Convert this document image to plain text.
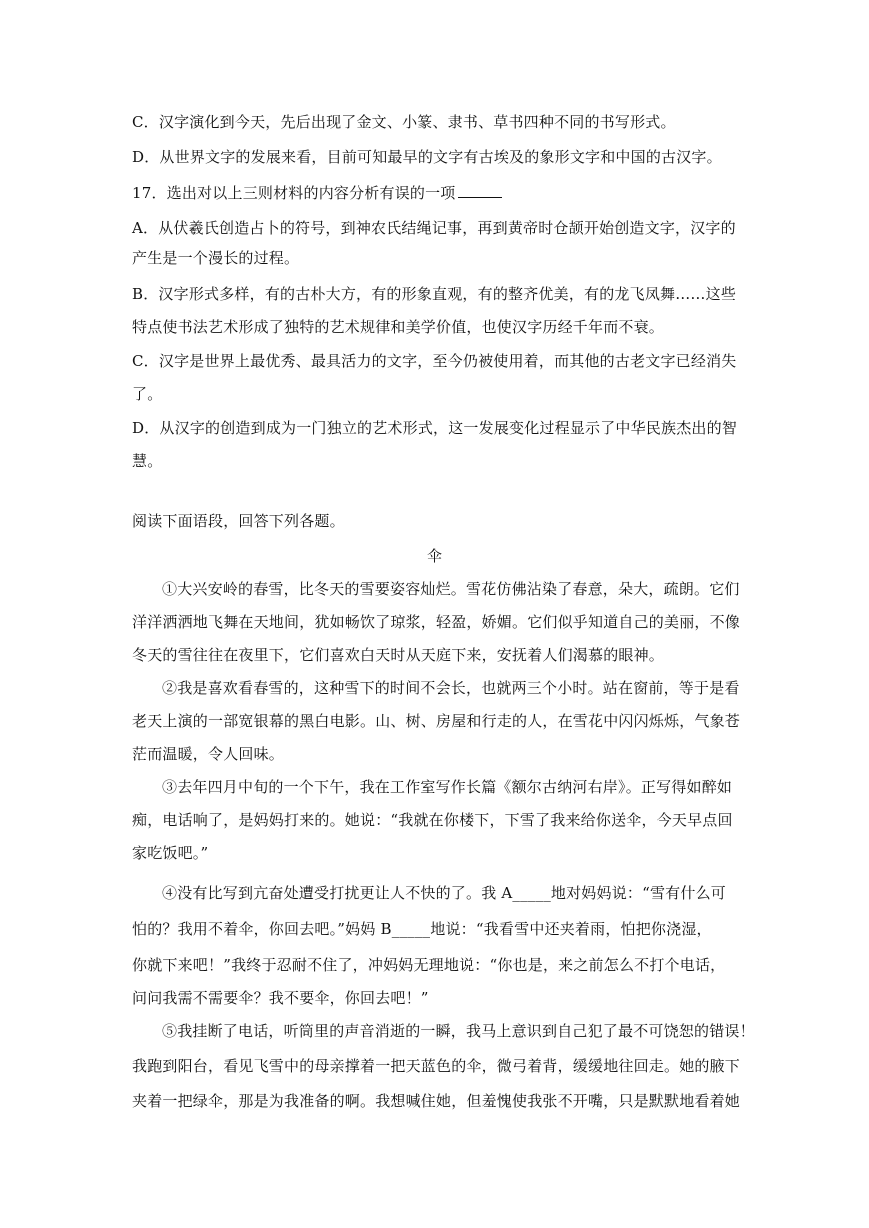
C．汉字演化到今天，先后出现了金文、小篆、隶书、草书四种不同的书写形式。
D．从世界文字的发展来看，目前可知最早的文字有古埃及的象形文字和中国的古汉字。
17．选出对以上三则材料的内容分析有误的一项
A．从伏羲氏创造占卜的符号，到神农氏结绳记事，再到黄帝时仓颉开始创造文字，汉字的
产生是一个漫长的过程。
B．汉字形式多样，有的古朴大方，有的形象直观，有的整齐优美，有的龙飞凤舞……这些
特点使书法艺术形成了独特的艺术规律和美学价值，也使汉字历经千年而不衰。
C．汉字是世界上最优秀、最具活力的文字，至今仍被使用着，而其他的古老文字已经消失
了。
D．从汉字的创造到成为一门独立的艺术形式，这一发展变化过程显示了中华民族杰出的智
慧。
阅读下面语段，回答下列各题。
伞
①大兴安岭的春雪，比冬天的雪要姿容灿烂。雪花仿佛沾染了春意，朵大，疏朗。它们
洋洋洒洒地飞舞在天地间，犹如畅饮了琼浆，轻盈，娇媚。它们似乎知道自己的美丽，不像
冬天的雪往往在夜里下，它们喜欢白天时从天庭下来，安抚着人们渴慕的眼神。
②我是喜欢看春雪的，这种雪下的时间不会长，也就两三个小时。站在窗前，等于是看
老天上演的一部宽银幕的黑白电影。山、树、房屋和行走的人，在雪花中闪闪烁烁，气象苍
茫而温暖，令人回味。
③去年四月中旬的一个下午，我在工作室写作长篇《额尔古纳河右岸》。正写得如醉如
痴，电话响了，是妈妈打来的。她说：“我就在你楼下，下雪了我来给你送伞，今天早点回
家吃饭吧。”
④没有比写到亢奋处遭受打扰更让人不快的了。我 A_____地对妈妈说：“雪有什么可
怕的？我用不着伞，你回去吧。”妈妈 B_____地说：“我看雪中还夹着雨，怕把你浇湿，
你就下来吧！”我终于忍耐不住了，冲妈妈无理地说：“你也是，来之前怎么不打个电话，
问问我需不需要伞？我不要伞，你回去吧！”
⑤我挂断了电话，听筒里的声音消逝的一瞬，我马上意识到自己犯了最不可饶恕的错误！
我跑到阳台，看见飞雪中的母亲撑着一把天蓝色的伞，微弓着背，缓缓地往回走。她的腋下
夹着一把绿伞，那是为我准备的啊。我想喊住她，但羞愧使我张不开嘴，只是默默地看着她
